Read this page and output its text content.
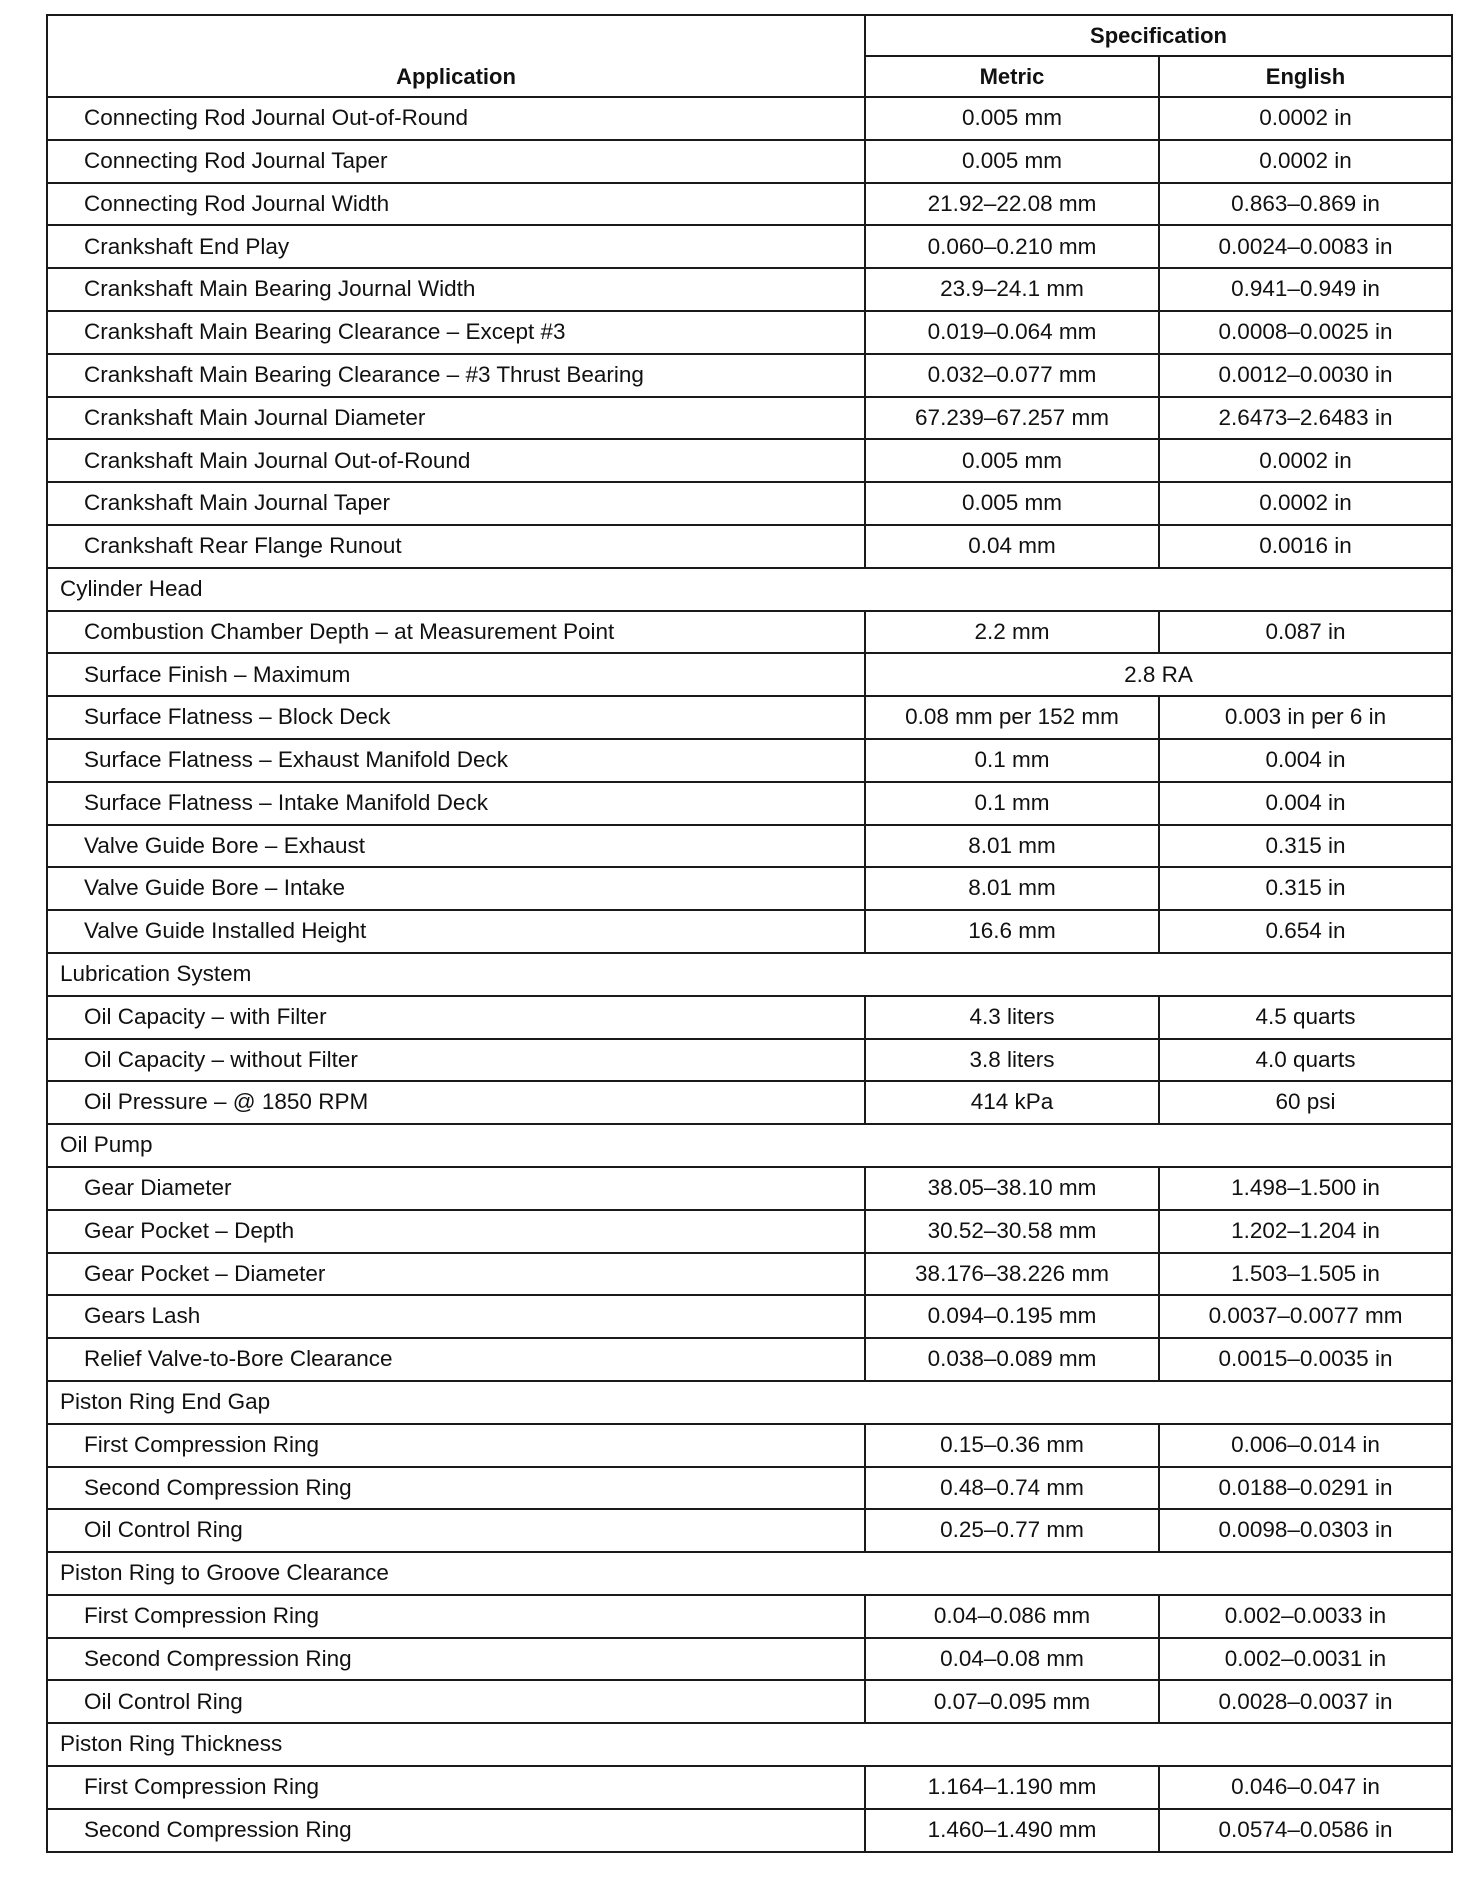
Application	Specification	
	Metric	English
Connecting Rod Journal Out-of-Round	0.005 mm	0.0002 in
Connecting Rod Journal Taper	0.005 mm	0.0002 in
Connecting Rod Journal Width	21.92–22.08 mm	0.863–0.869 in
Crankshaft End Play	0.060–0.210 mm	0.0024–0.0083 in
Crankshaft Main Bearing Journal Width	23.9–24.1 mm	0.941–0.949 in
Crankshaft Main Bearing Clearance – Except #3	0.019–0.064 mm	0.0008–0.0025 in
Crankshaft Main Bearing Clearance – #3 Thrust Bearing	0.032–0.077 mm	0.0012–0.0030 in
Crankshaft Main Journal Diameter	67.239–67.257 mm	2.6473–2.6483 in
Crankshaft Main Journal Out-of-Round	0.005 mm	0.0002 in
Crankshaft Main Journal Taper	0.005 mm	0.0002 in
Crankshaft Rear Flange Runout	0.04 mm	0.0016 in
Cylinder Head		
Combustion Chamber Depth – at Measurement Point	2.2 mm	0.087 in
Surface Finish – Maximum	2.8 RA	
Surface Flatness – Block Deck	0.08 mm per 152 mm	0.003 in per 6 in
Surface Flatness – Exhaust Manifold Deck	0.1 mm	0.004 in
Surface Flatness – Intake Manifold Deck	0.1 mm	0.004 in
Valve Guide Bore – Exhaust	8.01 mm	0.315 in
Valve Guide Bore – Intake	8.01 mm	0.315 in
Valve Guide Installed Height	16.6 mm	0.654 in
Lubrication System		
Oil Capacity – with Filter	4.3 liters	4.5 quarts
Oil Capacity – without Filter	3.8 liters	4.0 quarts
Oil Pressure – @ 1850 RPM	414 kPa	60 psi
Oil Pump		
Gear Diameter	38.05–38.10 mm	1.498–1.500 in
Gear Pocket – Depth	30.52–30.58 mm	1.202–1.204 in
Gear Pocket – Diameter	38.176–38.226 mm	1.503–1.505 in
Gears Lash	0.094–0.195 mm	0.0037–0.0077 mm
Relief Valve-to-Bore Clearance	0.038–0.089 mm	0.0015–0.0035 in
Piston Ring End Gap		
First Compression Ring	0.15–0.36 mm	0.006–0.014 in
Second Compression Ring	0.48–0.74 mm	0.0188–0.0291 in
Oil Control Ring	0.25–0.77 mm	0.0098–0.0303 in
Piston Ring to Groove Clearance		
First Compression Ring	0.04–0.086 mm	0.002–0.0033 in
Second Compression Ring	0.04–0.08 mm	0.002–0.0031 in
Oil Control Ring	0.07–0.095 mm	0.0028–0.0037 in
Piston Ring Thickness		
First Compression Ring	1.164–1.190 mm	0.046–0.047 in
Second Compression Ring	1.460–1.490 mm	0.0574–0.0586 in
